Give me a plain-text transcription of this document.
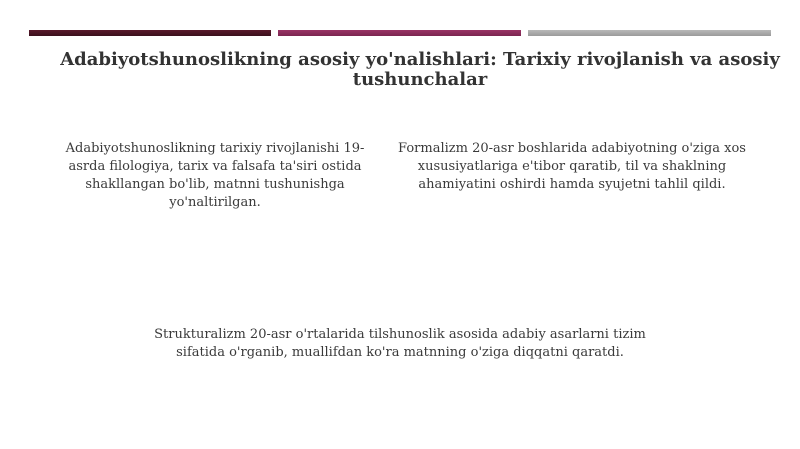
Adabiyotshunoslikning asosiy yo'nalishlari: Tarixiy rivojlanish va asosiy tushunchalar
Adabiyotshunoslikning tarixiy rivojlanishi 19-asrda filologiya, tarix va falsafa ta'siri ostida shakllangan bo'lib, matnni tushunishga yo'naltirilgan.
Formalizm 20-asr boshlarida adabiyotning o'ziga xos xususiyatlariga e'tibor qaratib, til va shaklning ahamiyatini oshirdi hamda syujetni tahlil qildi.
Strukturalizm 20-asr o'rtalarida tilshunoslik asosida adabiy asarlarni tizim sifatida o'rganib, muallifdan ko'ra matnning o'ziga diqqatni qaratdi.
